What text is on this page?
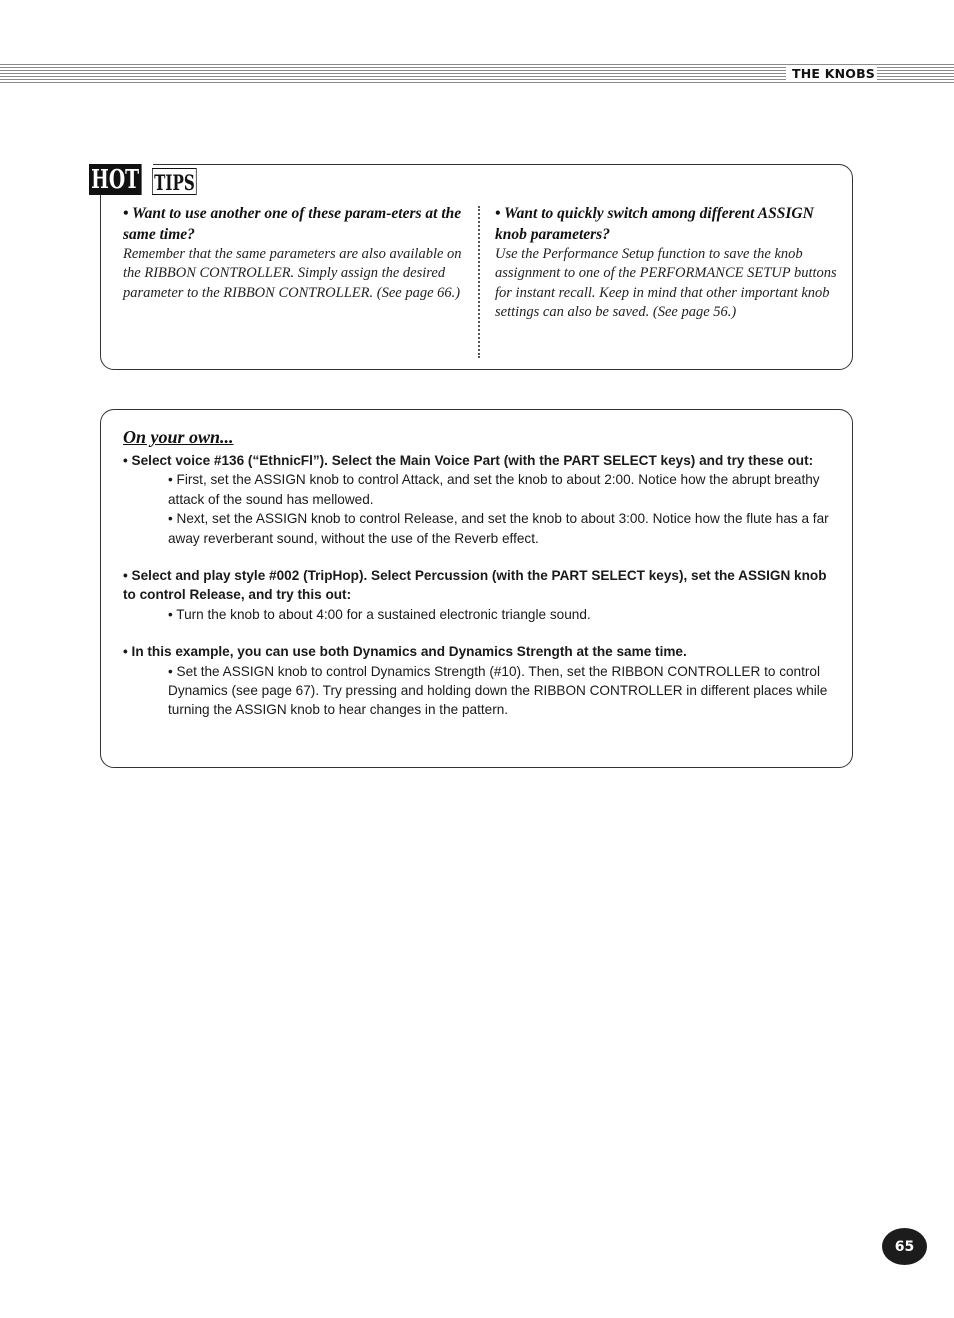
THE KNOBS
HOT TIPS
• Want to use another one of these param-eters at the same time?
Remember that the same parameters are also available on the RIBBON CONTROLLER. Simply assign the desired parameter to the RIBBON CONTROLLER. (See page 66.)
• Want to quickly switch among different ASSIGN knob parameters?
Use the Performance Setup function to save the knob assignment to one of the PERFORMANCE SETUP buttons for instant recall. Keep in mind that other important knob settings can also be saved. (See page 56.)
On your own...
• Select voice #136 (“EthnicFl”). Select the Main Voice Part (with the PART SELECT keys) and try these out:
• First, set the ASSIGN knob to control Attack, and set the knob to about 2:00. Notice how the abrupt breathy attack of the sound has mellowed.
• Next, set the ASSIGN knob to control Release, and set the knob to about 3:00. Notice how the flute has a far away reverberant sound, without the use of the Reverb effect.
• Select and play style #002 (TripHop). Select Percussion (with the PART SELECT keys), set the ASSIGN knob to control Release, and try this out:
• Turn the knob to about 4:00 for a sustained electronic triangle sound.
• In this example, you can use both Dynamics and Dynamics Strength at the same time.
• Set the ASSIGN knob to control Dynamics Strength (#10). Then, set the RIBBON CONTROLLER to control Dynamics (see page 67). Try pressing and holding down the RIBBON CONTROLLER in different places while turning the ASSIGN knob to hear changes in the pattern.
65
